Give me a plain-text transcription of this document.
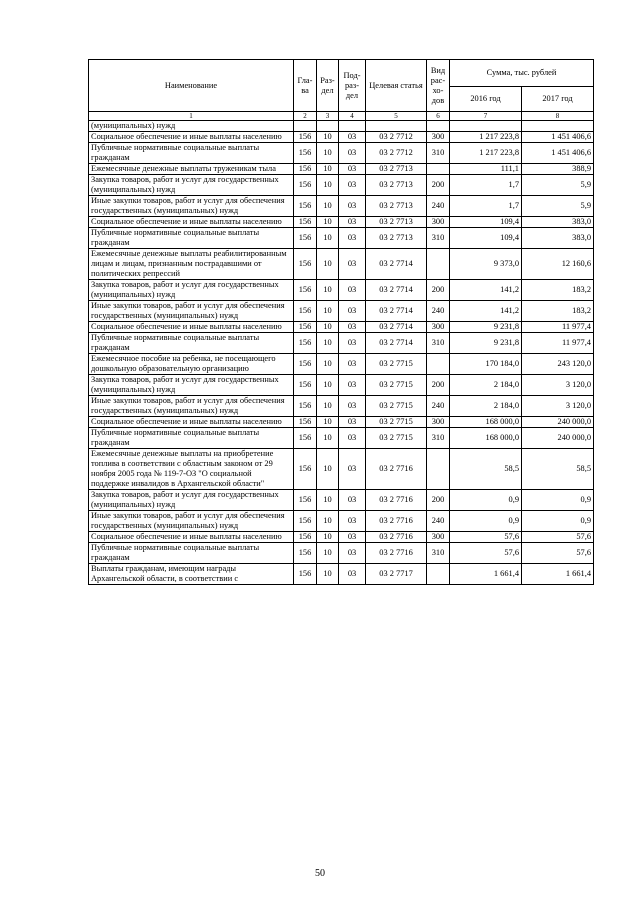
Наименование	Гла- ва	Раз- дел	Под- раз- дел	Целевая статья	Вид рас- хо- дов	Сумма, тыс. рублей	
						2016 год	2017 год
1	2	3	4	5	6	7	8
(муниципальных) нужд							
Социальное обеспечение и иные выплаты населению	156	10	03	03 2 7712	300	1 217 223,8	1 451 406,6
Публичные нормативные социальные выплаты гражданам	156	10	03	03 2 7712	310	1 217 223,8	1 451 406,6
Ежемесячные денежные выплаты труженикам тыла	156	10	03	03 2 7713		111,1	388,9
Закупка товаров, работ и услуг для государственных (муниципальных) нужд	156	10	03	03 2 7713	200	1,7	5,9
Иные закупки товаров, работ и услуг для обеспечения государственных (муниципальных) нужд	156	10	03	03 2 7713	240	1,7	5,9
Социальное обеспечение и иные выплаты населению	156	10	03	03 2 7713	300	109,4	383,0
Публичные нормативные социальные выплаты гражданам	156	10	03	03 2 7713	310	109,4	383,0
Ежемесячные денежные выплаты реабилитированным лицам и лицам, признанным пострадавшими от политических репрессий	156	10	03	03 2 7714		9 373,0	12 160,6
Закупка товаров, работ и услуг для государственных (муниципальных) нужд	156	10	03	03 2 7714	200	141,2	183,2
Иные закупки товаров, работ и услуг для обеспечения государственных (муниципальных) нужд	156	10	03	03 2 7714	240	141,2	183,2
Социальное обеспечение и иные выплаты населению	156	10	03	03 2 7714	300	9 231,8	11 977,4
Публичные нормативные социальные выплаты гражданам	156	10	03	03 2 7714	310	9 231,8	11 977,4
Ежемесячное пособие на ребенка, не посещающего дошкольную образовательную организацию	156	10	03	03 2 7715		170 184,0	243 120,0
Закупка товаров, работ и услуг для государственных (муниципальных) нужд	156	10	03	03 2 7715	200	2 184,0	3 120,0
Иные закупки товаров, работ и услуг для обеспечения государственных (муниципальных) нужд	156	10	03	03 2 7715	240	2 184,0	3 120,0
Социальное обеспечение и иные выплаты населению	156	10	03	03 2 7715	300	168 000,0	240 000,0
Публичные нормативные социальные выплаты гражданам	156	10	03	03 2 7715	310	168 000,0	240 000,0
Ежемесячные денежные выплаты на приобретение топлива в соответствии с областным законом от 29 ноября 2005 года № 119-7-ОЗ "О социальной поддержке инвалидов в Архангельской области"	156	10	03	03 2 7716		58,5	58,5
Закупка товаров, работ и услуг для государственных (муниципальных) нужд	156	10	03	03 2 7716	200	0,9	0,9
Иные закупки товаров, работ и услуг для обеспечения государственных (муниципальных) нужд	156	10	03	03 2 7716	240	0,9	0,9
Социальное обеспечение и иные выплаты населению	156	10	03	03 2 7716	300	57,6	57,6
Публичные нормативные социальные выплаты гражданам	156	10	03	03 2 7716	310	57,6	57,6
Выплаты гражданам, имеющим награды Архангельской области, в соответствии с	156	10	03	03 2 7717		1 661,4	1 661,4
50
